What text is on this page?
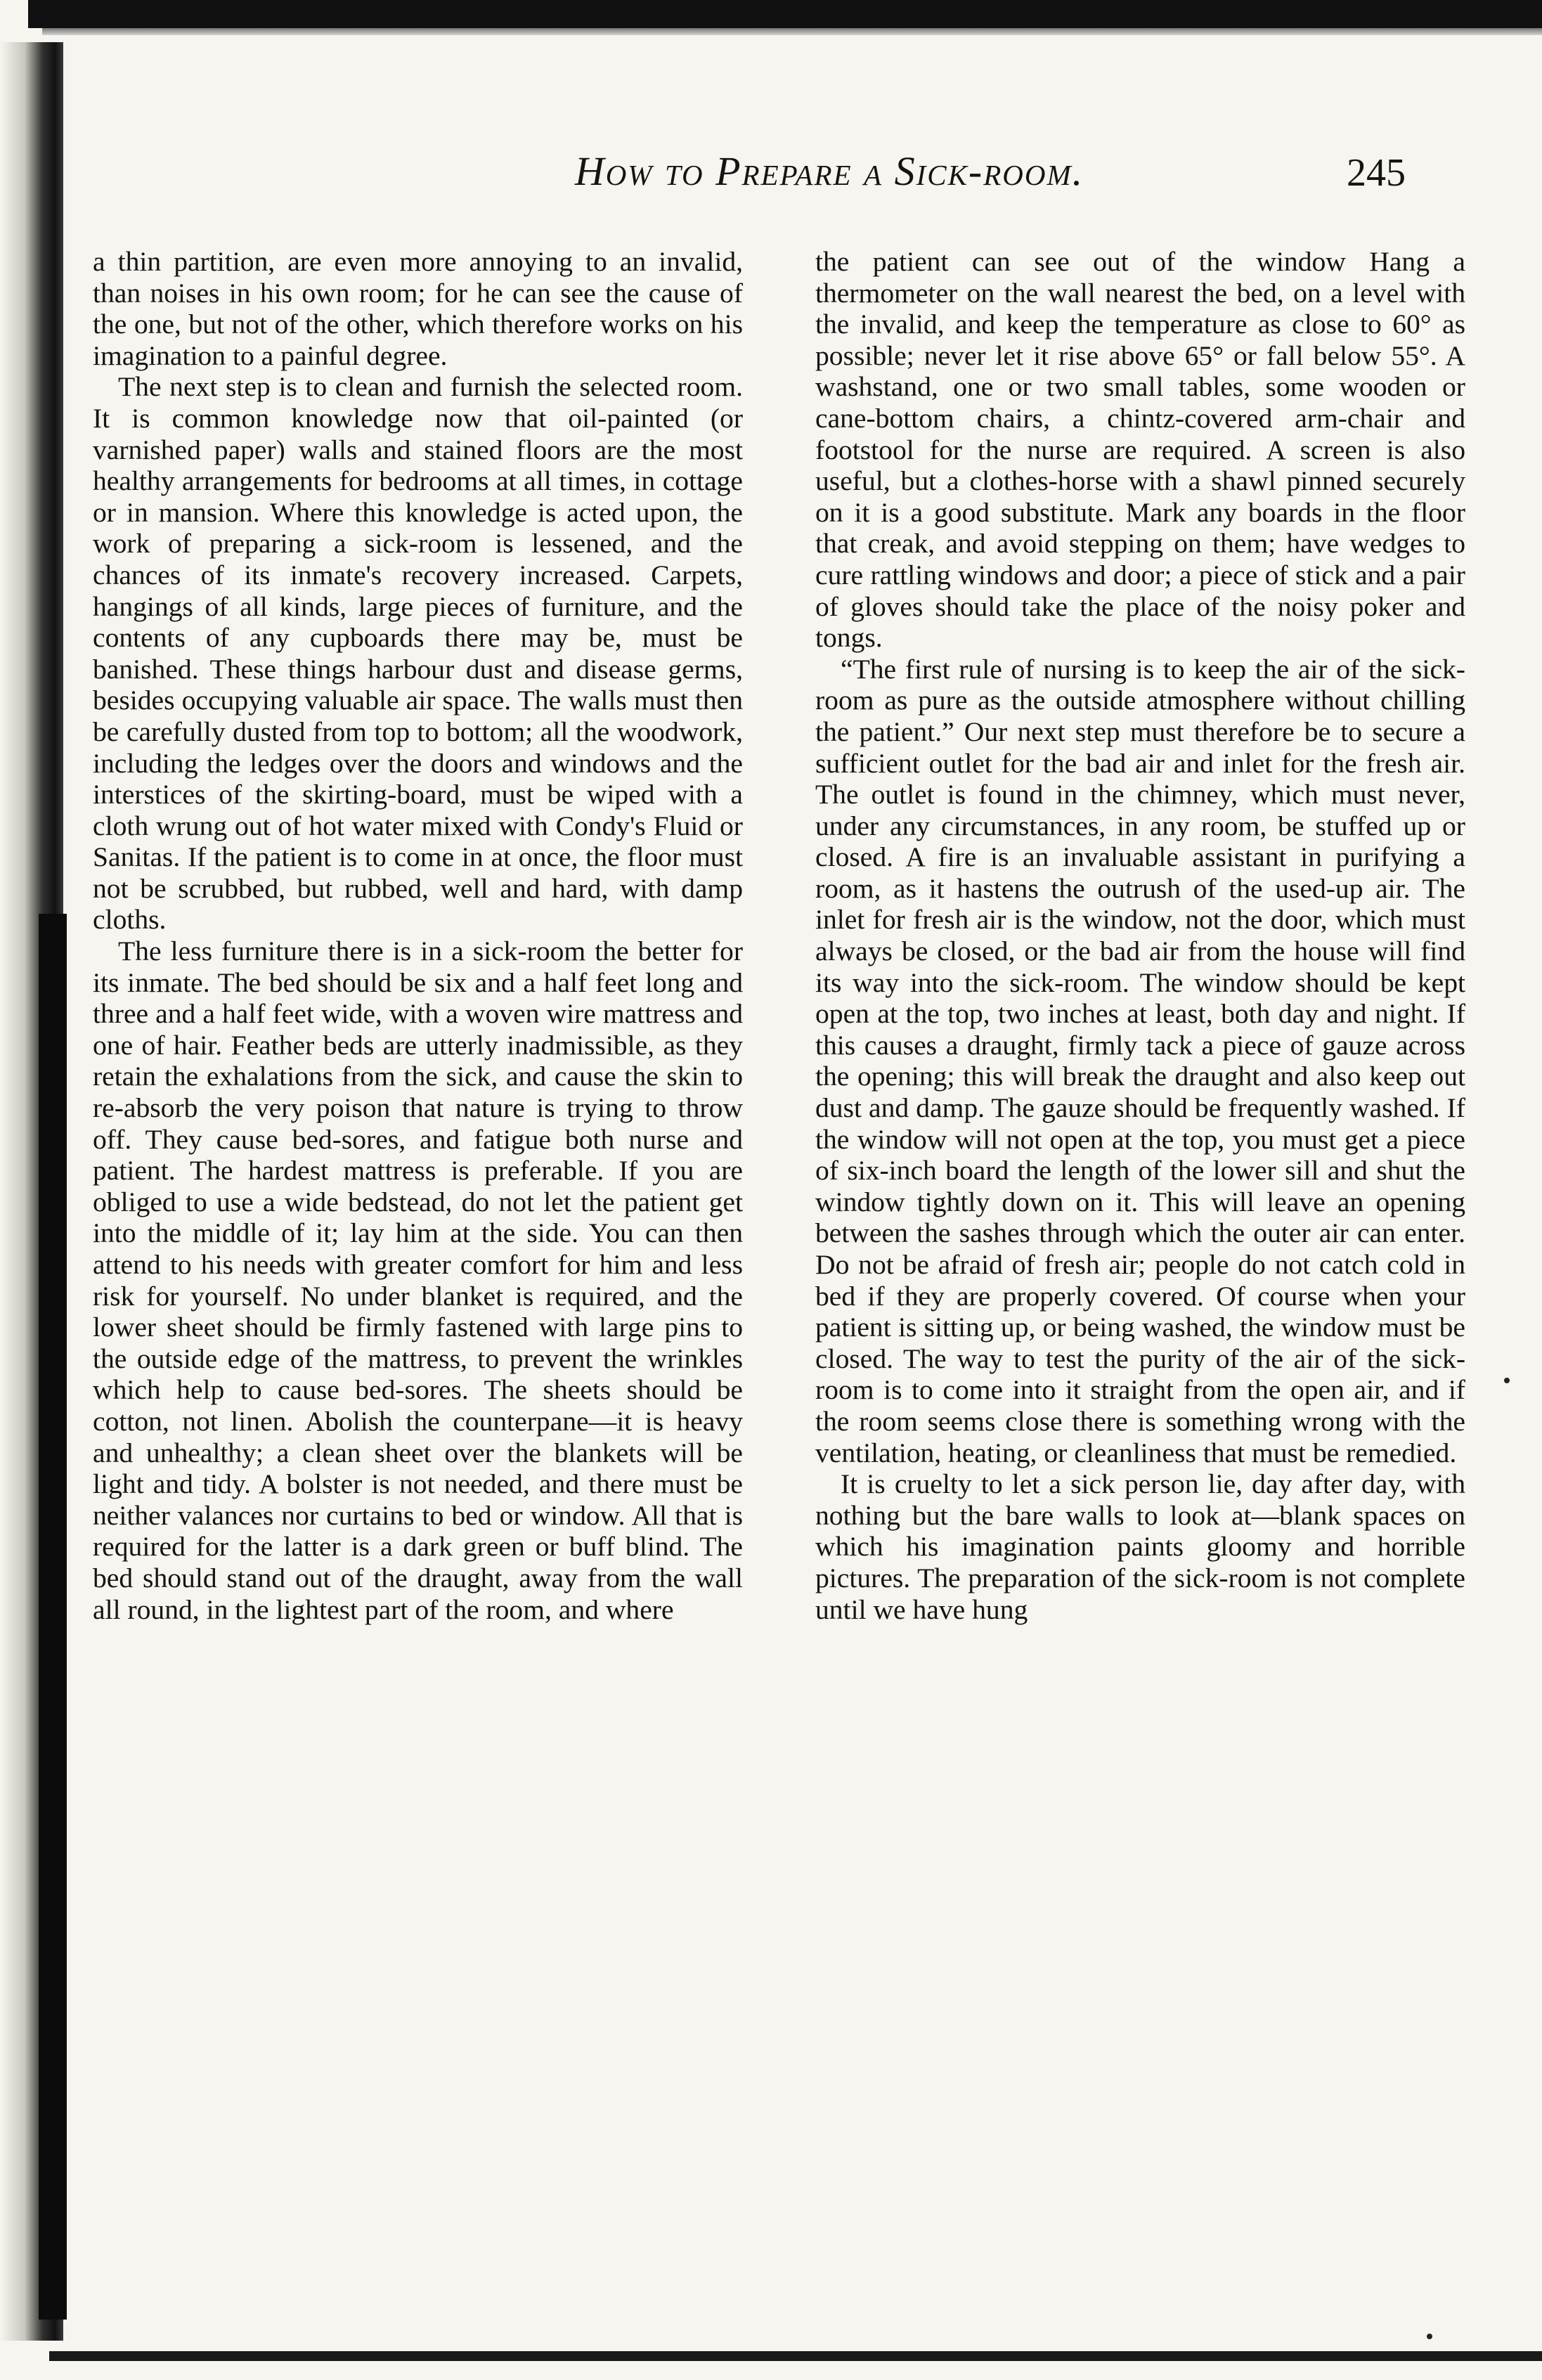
How to Prepare a Sick-room.	245

a thin partition, are even more annoying to an invalid, than noises in his own room; for he can see the cause of the one, but not of the other, which therefore works on his imagination to a painful degree.

The next step is to clean and furnish the selected room. It is common knowledge now that oil-painted (or varnished paper) walls and stained floors are the most healthy arrangements for bedrooms at all times, in cottage or in mansion. Where this knowledge is acted upon, the work of preparing a sick-room is lessened, and the chances of its inmate's recovery increased. Carpets, hangings of all kinds, large pieces of furniture, and the contents of any cupboards there may be, must be banished. These things harbour dust and disease germs, besides occupying valuable air space. The walls must then be carefully dusted from top to bottom; all the woodwork, including the ledges over the doors and windows and the interstices of the skirting-board, must be wiped with a cloth wrung out of hot water mixed with Condy's Fluid or Sanitas. If the patient is to come in at once, the floor must not be scrubbed, but rubbed, well and hard, with damp cloths.

The less furniture there is in a sick-room the better for its inmate. The bed should be six and a half feet long and three and a half feet wide, with a woven wire mattress and one of hair. Feather beds are utterly inadmissible, as they retain the exhalations from the sick, and cause the skin to re-absorb the very poison that nature is trying to throw off. They cause bed-sores, and fatigue both nurse and patient. The hardest mattress is preferable. If you are obliged to use a wide bedstead, do not let the patient get into the middle of it; lay him at the side. You can then attend to his needs with greater comfort for him and less risk for yourself. No under blanket is required, and the lower sheet should be firmly fastened with large pins to the outside edge of the mattress, to prevent the wrinkles which help to cause bed-sores. The sheets should be cotton, not linen. Abolish the counterpane—it is heavy and unhealthy; a clean sheet over the blankets will be light and tidy. A bolster is not needed, and there must be neither valances nor curtains to bed or window. All that is required for the latter is a dark green or buff blind. The bed should stand out of the draught, away from the wall all round, in the lightest part of the room, and where

the patient can see out of the window Hang a thermometer on the wall nearest the bed, on a level with the invalid, and keep the temperature as close to 60° as possible; never let it rise above 65° or fall below 55°. A washstand, one or two small tables, some wooden or cane-bottom chairs, a chintz-covered arm-chair and footstool for the nurse are required. A screen is also useful, but a clothes-horse with a shawl pinned securely on it is a good substitute. Mark any boards in the floor that creak, and avoid stepping on them; have wedges to cure rattling windows and door; a piece of stick and a pair of gloves should take the place of the noisy poker and tongs.

“The first rule of nursing is to keep the air of the sick-room as pure as the outside atmosphere without chilling the patient.” Our next step must therefore be to secure a sufficient outlet for the bad air and inlet for the fresh air. The outlet is found in the chimney, which must never, under any circumstances, in any room, be stuffed up or closed. A fire is an invaluable assistant in purifying a room, as it hastens the outrush of the used-up air. The inlet for fresh air is the window, not the door, which must always be closed, or the bad air from the house will find its way into the sick-room. The window should be kept open at the top, two inches at least, both day and night. If this causes a draught, firmly tack a piece of gauze across the opening; this will break the draught and also keep out dust and damp. The gauze should be frequently washed. If the window will not open at the top, you must get a piece of six-inch board the length of the lower sill and shut the window tightly down on it. This will leave an opening between the sashes through which the outer air can enter. Do not be afraid of fresh air; people do not catch cold in bed if they are properly covered. Of course when your patient is sitting up, or being washed, the window must be closed. The way to test the purity of the air of the sick-room is to come into it straight from the open air, and if the room seems close there is something wrong with the ventilation, heating, or cleanliness that must be remedied.

It is cruelty to let a sick person lie, day after day, with nothing but the bare walls to look at—blank spaces on which his imagination paints gloomy and horrible pictures. The preparation of the sick-room is not complete until we have hung
